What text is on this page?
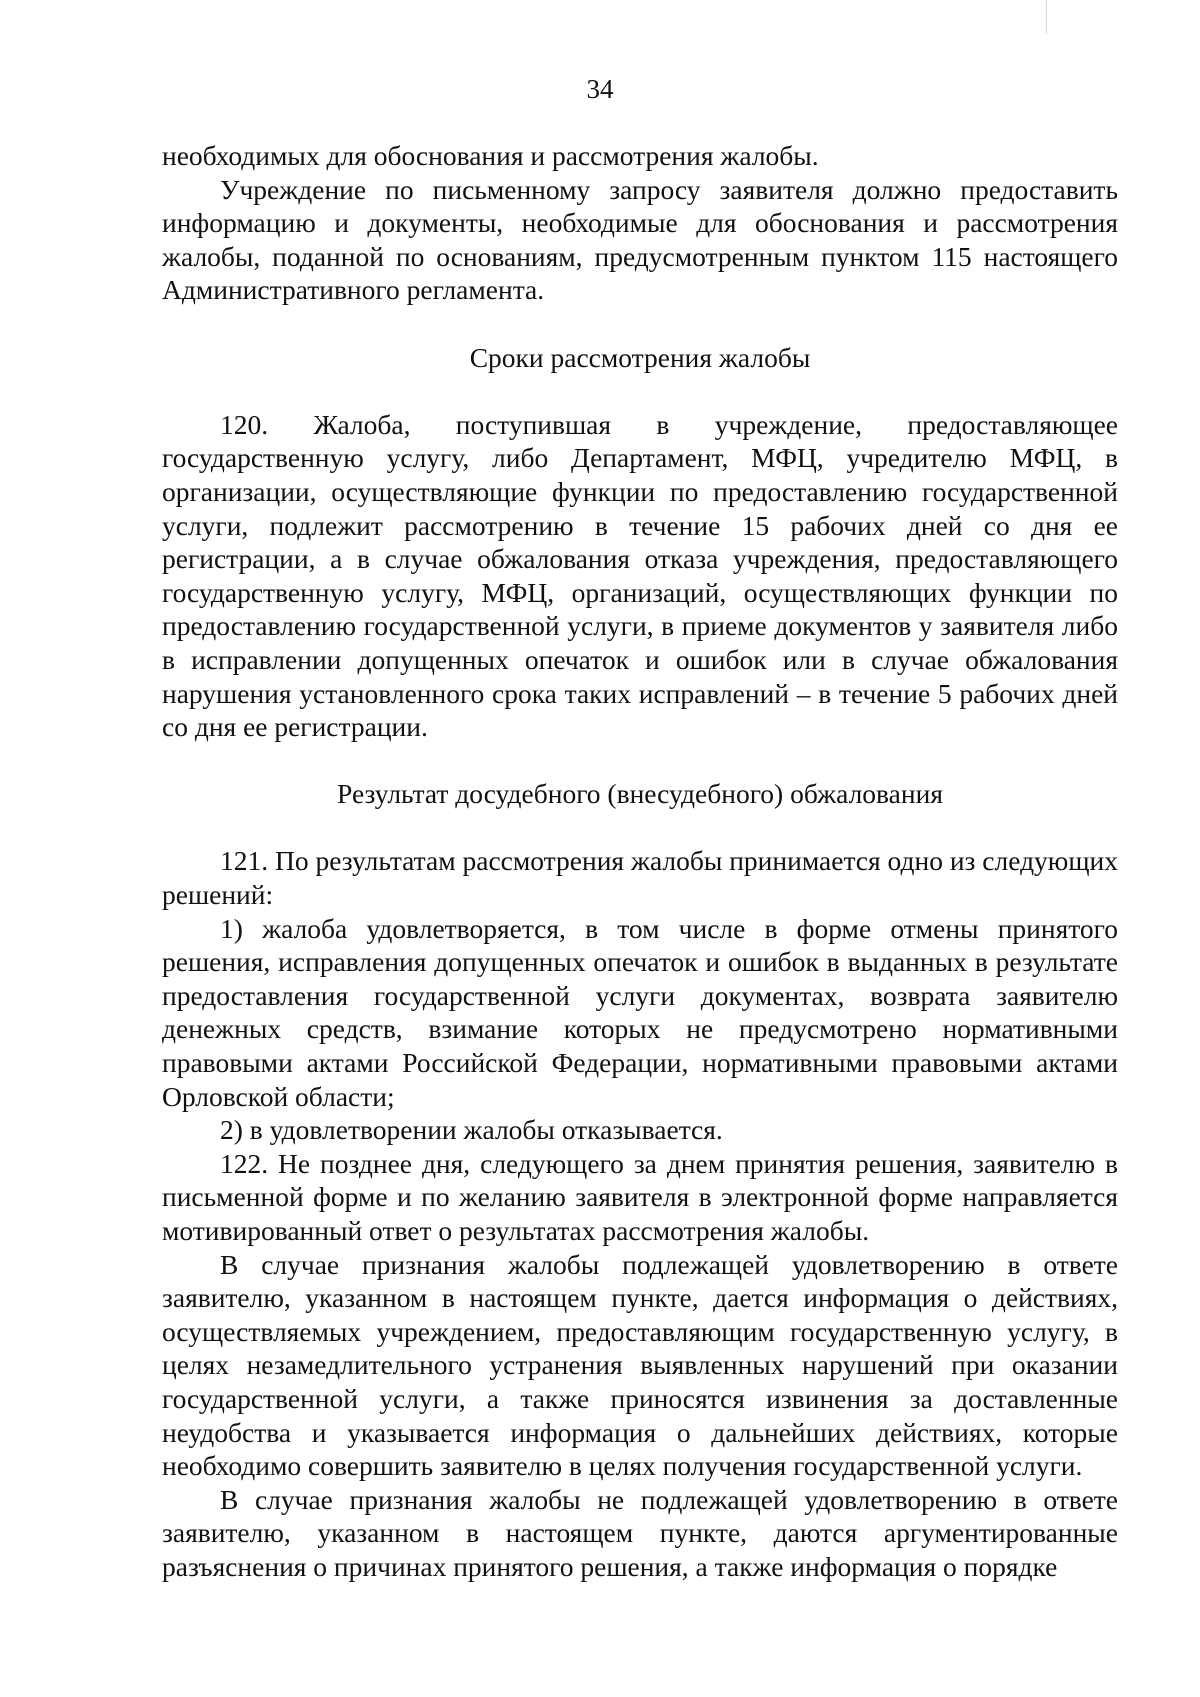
34

необходимых для обоснования и рассмотрения жалобы.

Учреждение по письменному запросу заявителя должно предоставить информацию и документы, необходимые для обоснования и рассмотрения жалобы, поданной по основаниям, предусмотренным пунктом 115 настоящего Административного регламента.

Сроки рассмотрения жалобы

120. Жалоба, поступившая в учреждение, предоставляющее государственную услугу, либо Департамент, МФЦ, учредителю МФЦ, в организации, осуществляющие функции по предоставлению государственной услуги, подлежит рассмотрению в течение 15 рабочих дней со дня ее регистрации, а в случае обжалования отказа учреждения, предоставляющего государственную услугу, МФЦ, организаций, осуществляющих функции по предоставлению государственной услуги, в приеме документов у заявителя либо в исправлении допущенных опечаток и ошибок или в случае обжалования нарушения установленного срока таких исправлений – в течение 5 рабочих дней со дня ее регистрации.

Результат досудебного (внесудебного) обжалования

121. По результатам рассмотрения жалобы принимается одно из следующих решений:

1) жалоба удовлетворяется, в том числе в форме отмены принятого решения, исправления допущенных опечаток и ошибок в выданных в результате предоставления государственной услуги документах, возврата заявителю денежных средств, взимание которых не предусмотрено нормативными правовыми актами Российской Федерации, нормативными правовыми актами Орловской области;

2) в удовлетворении жалобы отказывается.

122. Не позднее дня, следующего за днем принятия решения, заявителю в письменной форме и по желанию заявителя в электронной форме направляется мотивированный ответ о результатах рассмотрения жалобы.

В случае признания жалобы подлежащей удовлетворению в ответе заявителю, указанном в настоящем пункте, дается информация о действиях, осуществляемых учреждением, предоставляющим государственную услугу, в целях незамедлительного устранения выявленных нарушений при оказании государственной услуги, а также приносятся извинения за доставленные неудобства и указывается информация о дальнейших действиях, которые необходимо совершить заявителю в целях получения государственной услуги.

В случае признания жалобы не подлежащей удовлетворению в ответе заявителю, указанном в настоящем пункте, даются аргументированные разъяснения о причинах принятого решения, а также информация о порядке
